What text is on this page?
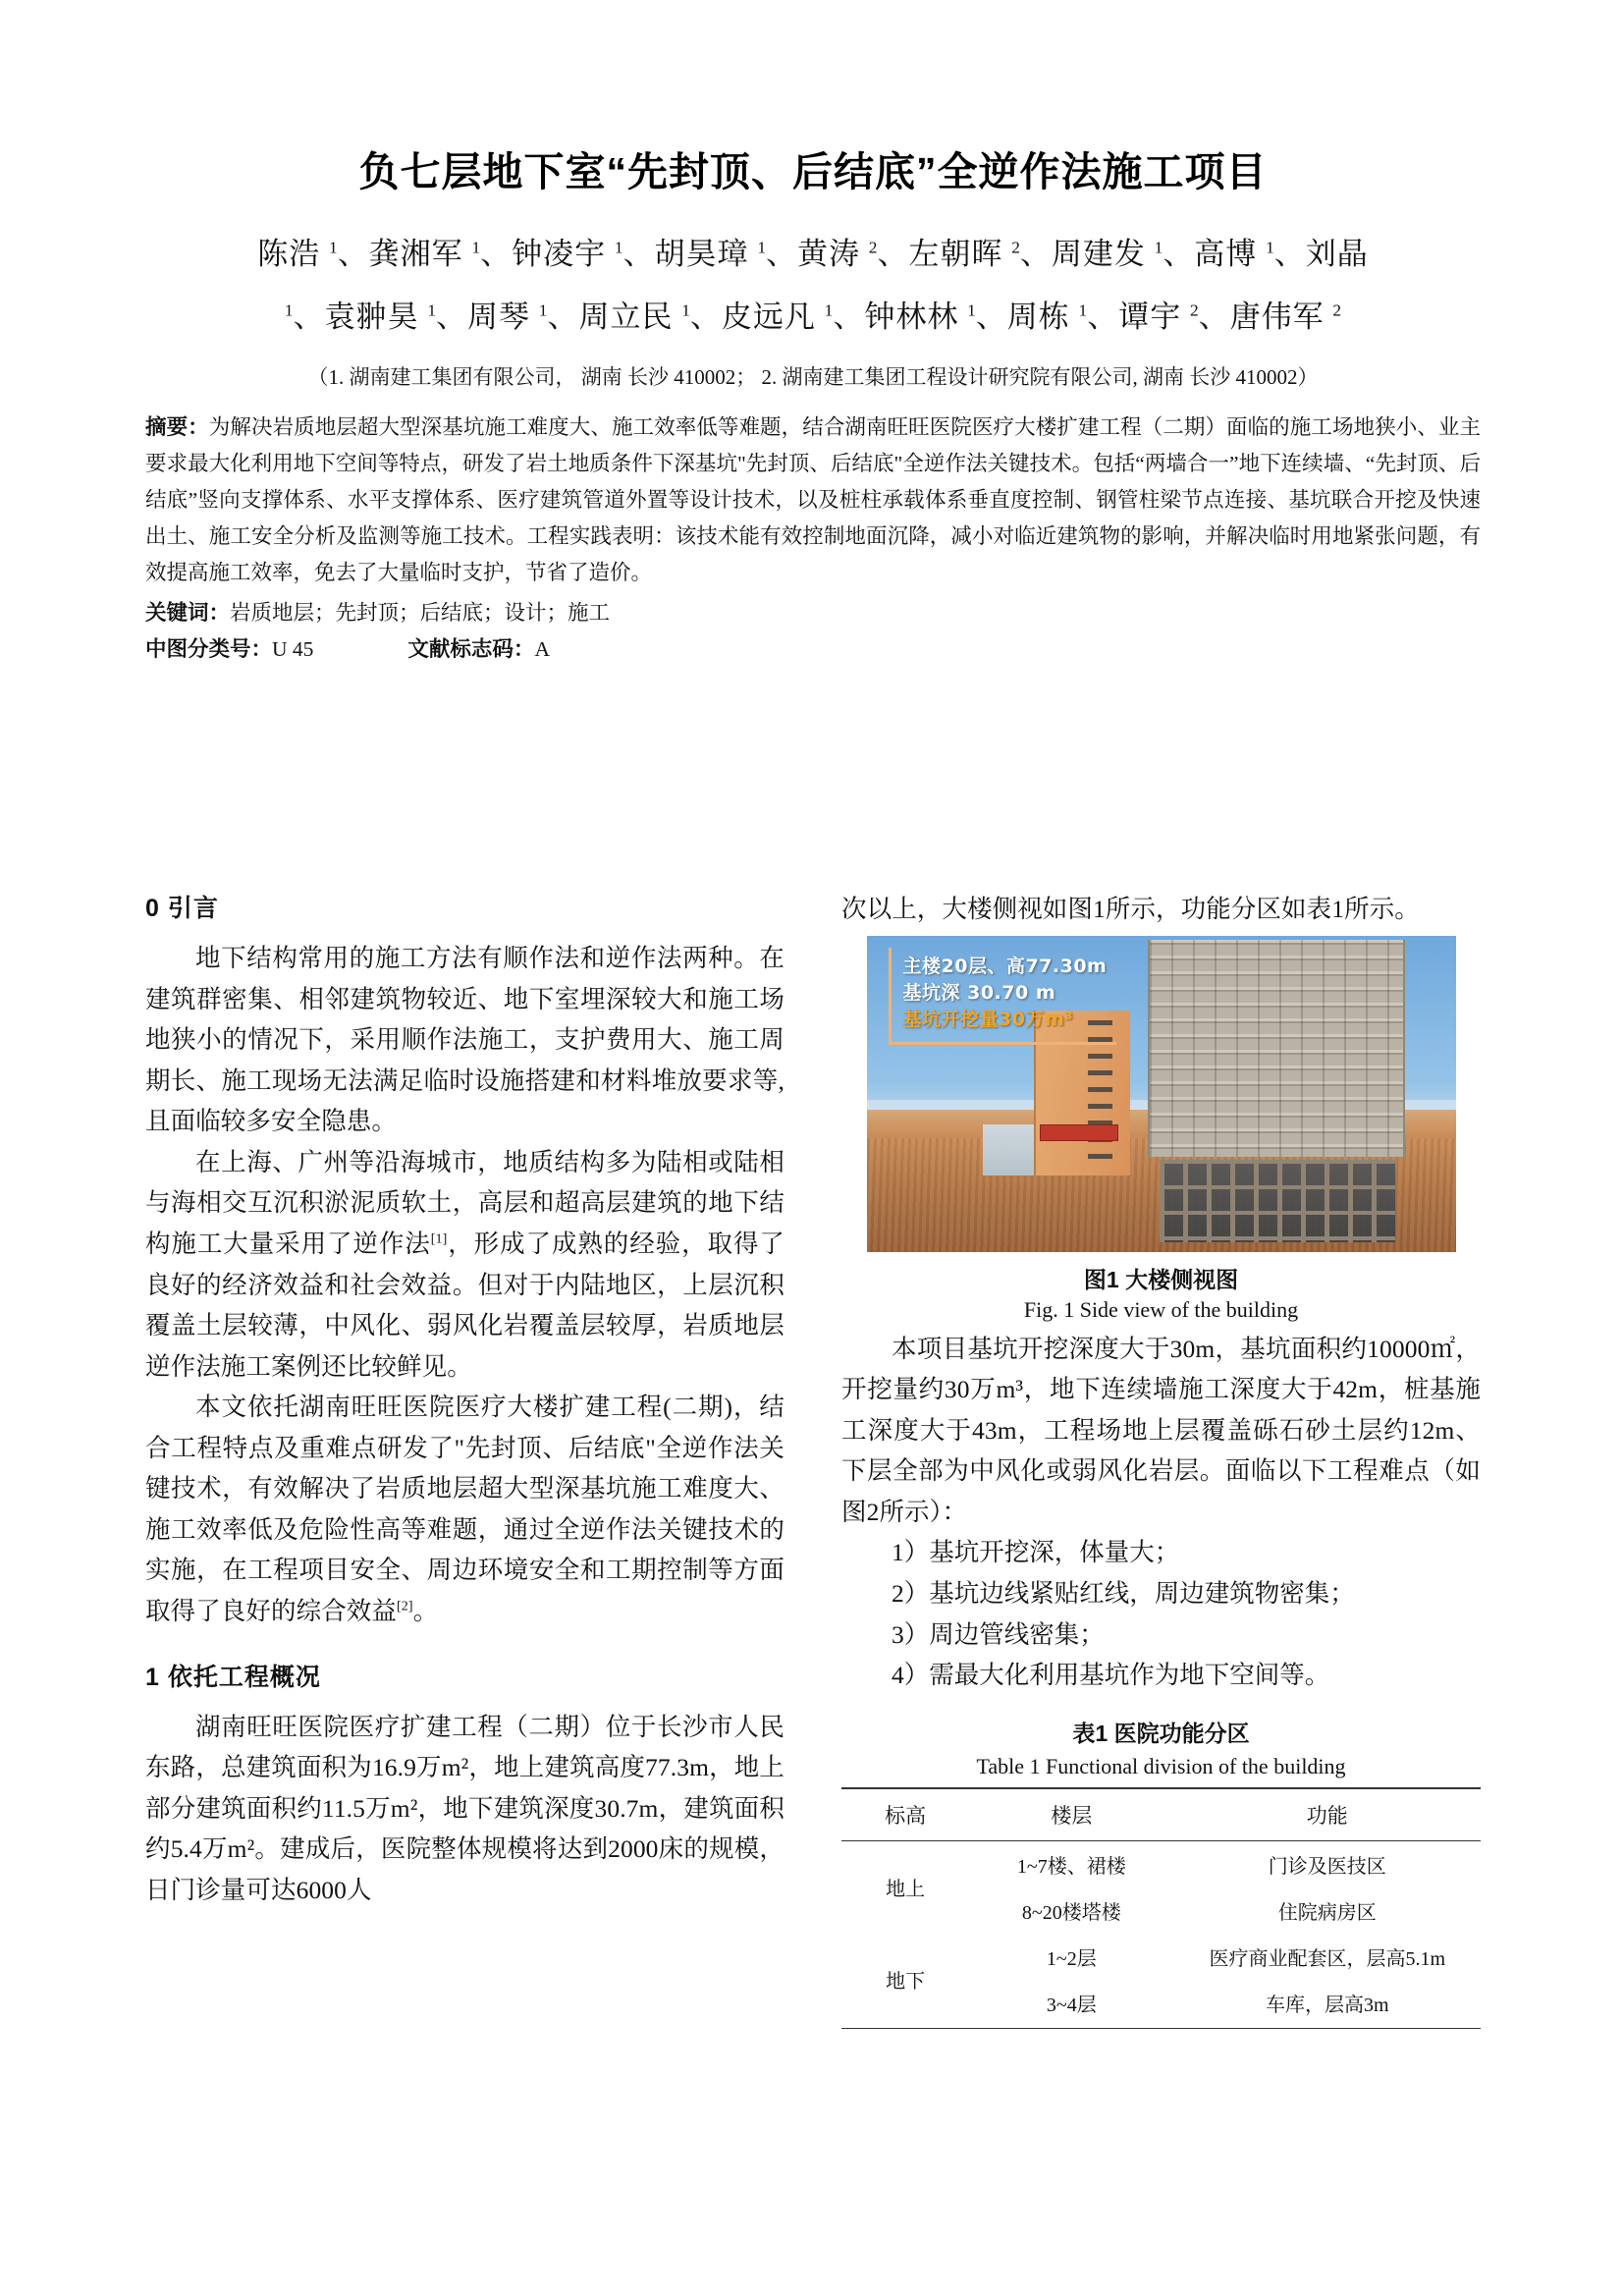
负七层地下室“先封顶、后结底”全逆作法施工项目
陈浩 $^1$、龚湘军 $^1$、钟凌宇 $^1$、胡昊璋 $^1$、黄涛 $^2$、左朝晖 $^2$、周建发 $^1$、高博 $^1$、刘晶
$^1$、袁翀昊 $^1$、周琴 $^1$、周立民 $^1$、皮远凡 $^1$、钟林林 $^1$、周栋 $^1$、谭宇 $^2$、唐伟军 $^2$
（1. 湖南建工集团有限公司， 湖南 长沙 410002； 2. 湖南建工集团工程设计研究院有限公司, 湖南 长沙 410002）

摘要：为解决岩质地层超大型深基坑施工难度大、施工效率低等难题，结合湖南旺旺医院医疗大楼扩建工程（二期）面临的施工场地狭小、业主要求最大化利用地下空间等特点，研发了岩土地质条件下深基坑"先封顶、后结底"全逆作法关键技术。包括“两墙合一”地下连续墙、“先封顶、后结底”竖向支撑体系、水平支撑体系、医疗建筑管道外置等设计技术，以及桩柱承载体系垂直度控制、钢管柱梁节点连接、基坑联合开挖及快速出土、施工安全分析及监测等施工技术。工程实践表明：该技术能有效控制地面沉降，减小对临近建筑物的影响，并解决临时用地紧张问题，有效提高施工效率，免去了大量临时支护，节省了造价。

关键词：岩质地层；先封顶；后结底；设计；施工

中图分类号：U 45	文献标志码：A
0 引言

地下结构常用的施工方法有顺作法和逆作法两种。在建筑群密集、相邻建筑物较近、地下室埋深较大和施工场地狭小的情况下，采用顺作法施工，支护费用大、施工周期长、施工现场无法满足临时设施搭建和材料堆放要求等,且面临较多安全隐患。

在上海、广州等沿海城市，地质结构多为陆相或陆相与海相交互沉积淤泥质软土，高层和超高层建筑的地下结构施工大量采用了逆作法[1]，形成了成熟的经验，取得了良好的经济效益和社会效益。但对于内陆地区，上层沉积覆盖土层较薄，中风化、弱风化岩覆盖层较厚，岩质地层逆作法施工案例还比较鲜见。

本文依托湖南旺旺医院医疗大楼扩建工程(二期)，结合工程特点及重难点研发了"先封顶、后结底"全逆作法关键技术，有效解决了岩质地层超大型深基坑施工难度大、施工效率低及危险性高等难题，通过全逆作法关键技术的实施，在工程项目安全、周边环境安全和工期控制等方面取得了良好的综合效益[2]。

1 依托工程概况

湖南旺旺医院医疗扩建工程（二期）位于长沙市人民东路，总建筑面积为16.9万m²，地上建筑高度77.3m，地上部分建筑面积约11.5万m²，地下建筑深度30.7m，建筑面积约5.4万m²。建成后，医院整体规模将达到2000床的规模，日门诊量可达6000人

次以上，大楼侧视如图1所示，功能分区如表1所示。

主楼20层、高77.30m
基坑深 30.70 m
基坑开挖量30万m³
图1 大楼侧视图
Fig. 1 Side view of the building

本项目基坑开挖深度大于30m，基坑面积约10000㎡，开挖量约30万m³，地下连续墙施工深度大于42m，桩基施工深度大于43m，工程场地上层覆盖砾石砂土层约12m、下层全部为中风化或弱风化岩层。面临以下工程难点（如图2所示）：

1）基坑开挖深，体量大；
2）基坑边线紧贴红线，周边建筑物密集；
3）周边管线密集；
4）需最大化利用基坑作为地下空间等。
表1 医院功能分区
Table 1 Functional division of the building
标高	楼层	功能
地上	1~7楼、裙楼	门诊及医技区
	8~20楼塔楼	住院病房区
地下	1~2层	医疗商业配套区，层高5.1m
	3~4层	车库，层高3m
